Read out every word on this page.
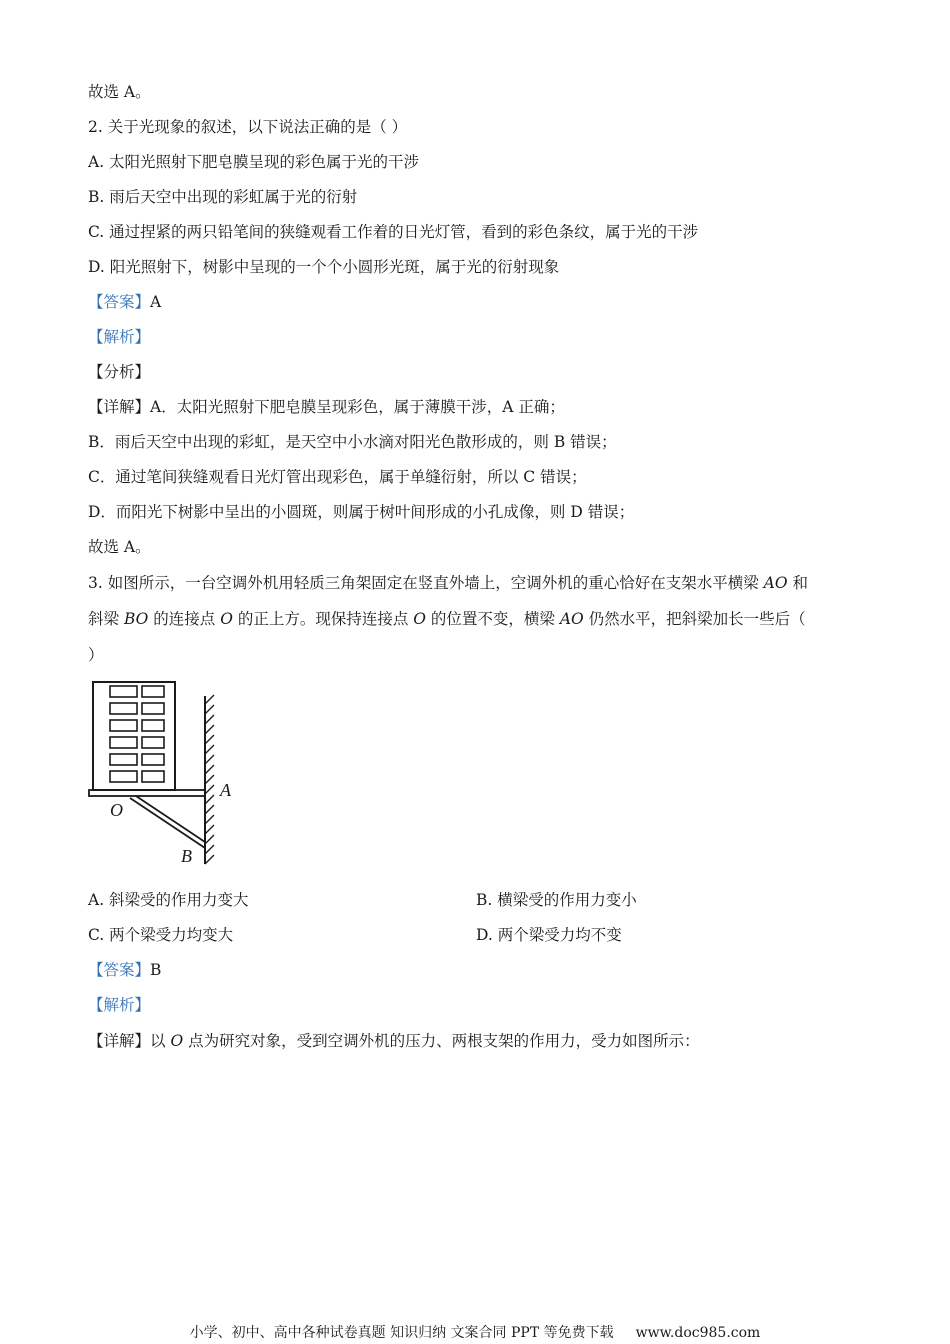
故选 A。
2. 关于光现象的叙述，以下说法正确的是（ ）
A. 太阳光照射下肥皂膜呈现的彩色属于光的干涉
B. 雨后天空中出现的彩虹属于光的衍射
C. 通过捏紧的两只铅笔间的狭缝观看工作着的日光灯管，看到的彩色条纹，属于光的干涉
D. 阳光照射下，树影中呈现的一个个小圆形光斑，属于光的衍射现象
【答案】A
【解析】
【分析】
【详解】A．太阳光照射下肥皂膜呈现彩色，属于薄膜干涉，A 正确；
B．雨后天空中出现的彩虹，是天空中小水滴对阳光色散形成的，则 B 错误；
C．通过笔间狭缝观看日光灯管出现彩色，属于单缝衍射，所以 C 错误；
D．而阳光下树影中呈出的小圆斑，则属于树叶间形成的小孔成像，则 D 错误；
故选 A。
3. 如图所示，一台空调外机用轻质三角架固定在竖直外墙上，空调外机的重心恰好在支架水平横梁 AO 和
斜梁 BO 的连接点 O 的正上方。现保持连接点 O 的位置不变，横梁 AO 仍然水平，把斜梁加长一些后（
）
A
O
B
A. 斜梁受的作用力变大	B. 横梁受的作用力变小
C. 两个梁受力均变大	D. 两个梁受力均不变
【答案】B
【解析】
【详解】以 O 点为研究对象，受到空调外机的压力、两根支架的作用力，受力如图所示：
小学、初中、高中各种试卷真题 知识归纳 文案合同 PPT 等免费下载 www.doc985.com
